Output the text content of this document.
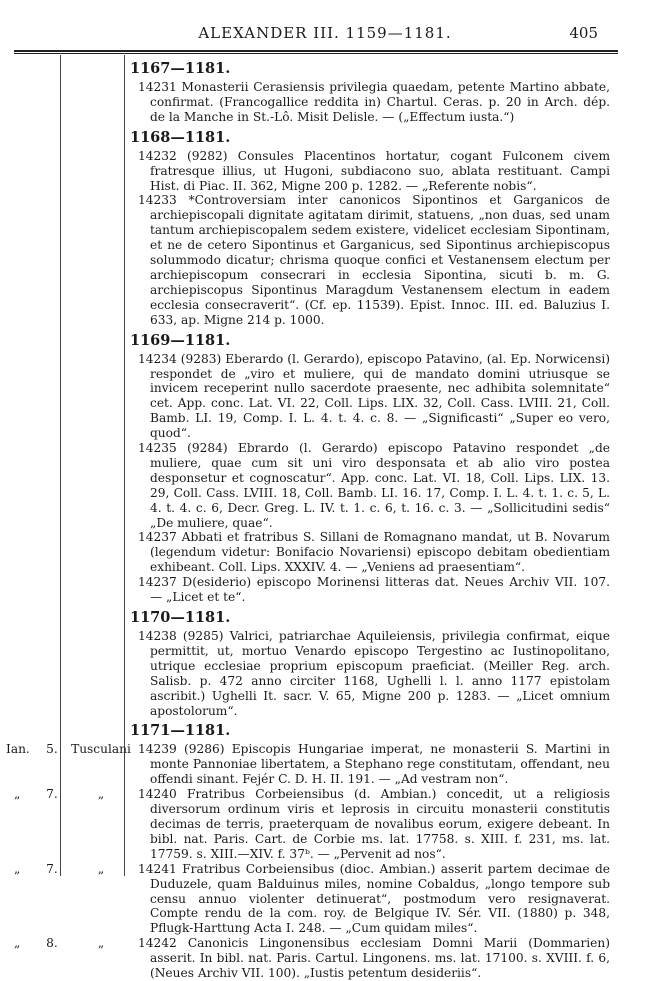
ALEXANDER III. 1159—1181.	405
1167—1181.

14231 Monasterii Cerasiensis privilegia quaedam, petente Martino abbate, confirmat. (Francogallice reddita in) Chartul. Ceras. p. 20 in Arch. dép. de la Manche in St.-Lô. Misit Delisle. — („Effectum iusta.“)

1168—1181.

14232 (9282) Consules Placentinos hortatur, cogant Fulconem civem fratresque illius, ut Hugoni, subdiacono suo, ablata restituant. Campi Hist. di Piac. II. 362, Migne 200 p. 1282. — „Referente nobis“.

14233 *Controversiam inter canonicos Sipontinos et Garganicos de archiepiscopali dignitate agitatam dirimit, statuens, „non duas, sed unam tantum archiepiscopalem sedem existere, videlicet ecclesiam Sipontinam, et ne de cetero Sipontinus et Garganicus, sed Sipontinus archiepiscopus solummodo dicatur; chrisma quoque confici et Vestanensem electum per archiepiscopum consecrari in ecclesia Sipontina, sicuti b. m. G. archiepiscopus Sipontinus Maragdum Vestanensem electum in eadem ecclesia consecraverit“. (Cf. ep. 11539). Epist. Innoc. III. ed. Baluzius I. 633, ap. Migne 214 p. 1000.

1169—1181.

14234 (9283) Eberardo (l. Gerardo), episcopo Patavino, (al. Ep. Norwicensi) respondet de „viro et muliere, qui de mandato domini utriusque se invicem receperint nullo sacerdote praesente, nec adhibita solemnitate“ cet. App. conc. Lat. VI. 22, Coll. Lips. LIX. 32, Coll. Cass. LVIII. 21, Coll. Bamb. LI. 19, Comp. I. L. 4. t. 4. c. 8. — „Significasti“ „Super eo vero, quod“.

14235 (9284) Ebrardo (l. Gerardo) episcopo Patavino respondet „de muliere, quae cum sit uni viro desponsata et ab alio viro postea desponsetur et cognoscatur“. App. conc. Lat. VI. 18, Coll. Lips. LIX. 13. 29, Coll. Cass. LVIII. 18, Coll. Bamb. LI. 16. 17, Comp. I. L. 4. t. 1. c. 5, L. 4. t. 4. c. 6, Decr. Greg. L. IV. t. 1. c. 6, t. 16. c. 3. — „Sollicitudini sedis“ „De muliere, quae“.

14237 Abbati et fratribus S. Sillani de Romagnano mandat, ut B. Novarum (legendum videtur: Bonifacio Novariensi) episcopo debitam obedientiam exhibeant. Coll. Lips. XXXIV. 4. — „Veniens ad praesentiam“.

14237 D(esiderio) episcopo Morinensi litteras dat. Neues Archiv VII. 107. — „Licet et te“.

1170—1181.

14238 (9285) Valrici, patriarchae Aquileiensis, privilegia confirmat, eique permittit, ut, mortuo Venardo episcopo Tergestino ac Iustinopolitano, utrique ecclesiae proprium episcopum praeficiat. (Meiller Reg. arch. Salisb. p. 472 anno circiter 1168, Ughelli l. l. anno 1177 epistolam ascribit.) Ughelli It. sacr. V. 65, Migne 200 p. 1283. — „Licet omnium apostolorum“.

1171—1181.

14239 (9286) Episcopis Hungariae imperat, ne monasterii S. Martini in monte Pannoniae libertatem, a Stephano rege constitutam, offendant, neu offendi sinant. Fejér C. D. H. II. 191. — „Ad vestram non“.

14240 Fratribus Corbeiensibus (d. Ambian.) concedit, ut a religiosis diversorum ordinum viris et leprosis in circuitu monasterii constitutis decimas de terris, praeterquam de novalibus eorum, exigere debeant. In bibl. nat. Paris. Cart. de Corbie ms. lat. 17758. s. XIII. f. 231, ms. lat. 17759. s. XIII.—XIV. f. 37ᵇ. — „Pervenit ad nos“.

14241 Fratribus Corbeiensibus (dioc. Ambian.) asserit partem decimae de Duduzele, quam Balduinus miles, nomine Cobaldus, „longo tempore sub censu annuo violenter detinuerat“, postmodum vero resignaverat. Compte rendu de la com. roy. de Belgique IV. Sér. VII. (1880) p. 348, Pflugk-Harttung Acta I. 248. — „Cum quidam miles“.

14242 Canonicis Lingonensibus ecclesiam Domni Marii (Dommarien) asserit. In bibl. nat. Paris. Cartul. Lingonens. ms. lat. 17100. s. XVIII. f. 6, (Neues Archiv VII. 100). „Iustis petentum desideriis“.

Ian.	5.	Tusculani
„	7.	„
„	7.	„
„	8.	„
